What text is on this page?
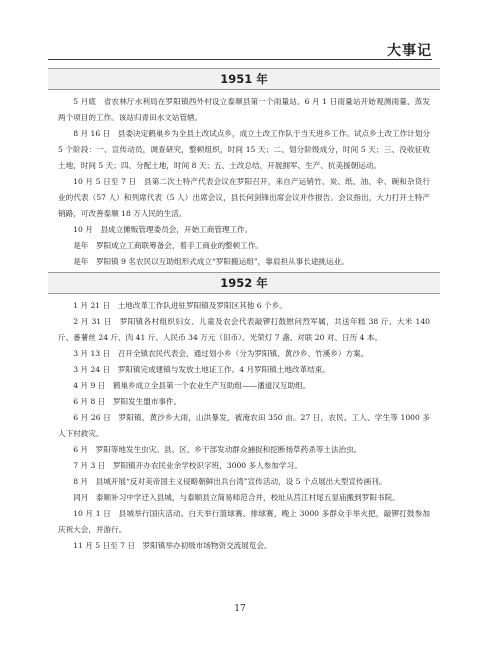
大事记
1951 年

5 月底　省农林厅水利局在罗阳镇西外村设立泰顺县第一个雨量站。6 月 1 日雨量站开始观测雨量、蒸发两个项目的工作。该站归青田水文站管辖。

8 月 16 日　县委决定鹤巢乡为全县土改试点乡，成立土改工作队于当天进乡工作。试点乡土改工作计划分 5 个阶段：一、宣传动员，调查研究，整顿组织，时间 15 天；二、划分阶级成分，时间 5 天；三、没收征收土地，时间 5 天；四、分配土地，时间 8 天；五、土改总结，开展拥军、生产、抗美援朝运动。

10 月 5 日至 7 日　县第二次土特产代表会议在罗阳召开，来自产运销竹、炭、纸、油、伞、碗和杂货行业的代表（57 人）和列席代表（5 人）出席会议，县长何剑锋出席会议并作报告。会议指出，大力打开土特产销路，可改善泰顺 18 万人民的生活。

10 月　县成立摊贩管理委员会，开始工商管理工作。

是年　罗阳成立工商联筹备会，着手工商业的整顿工作。

是年　罗阳镇 9 名农民以互助组形式成立“罗阳搬运组”，靠肩担从事长途挑运业。

1952 年

1 月 21 日　土地改革工作队进驻罗阳镇及罗阳区其他 6 个乡。

2 月 31 日　罗阳镇各村组织妇女、儿童及农会代表敲锣打鼓慰问烈军属，共送年糕 38 斤、大米 140 斤、番薯丝 24 斤、肉 41 斤、人民币 34 万元（旧币）、光荣灯 7 盏、对联 20 对、日历 4 本。

3 月 13 日　召开全镇农民代表会，通过划小乡（分为罗阳镇、黄沙乡、竹溪乡）方案。

3 月 24 日　罗阳镇完成建镇与发放土地证工作。4 月罗阳镇土地改革结束。

4 月 9 日　鹤巢乡成立全县第一个农业生产互助组——潘道汉互助组。

6 月 8 日　罗阳发生盟市事件。

6 月 26 日　罗阳镇、黄沙乡大雨，山洪暴发，被淹农田 350 亩。27 日，农民、工人、学生等 1000 多人下村救灾。

6 月　罗阳等地发生虫灾。县、区、乡干部发动群众捕捉和挖断扬草药杀等土法治虫。

7 月 3 日　罗阳镇开办农民业余学校识字班，3000 多人参加学习。

8 月　县城开展“反对美帝国主义侵略朝鲜出兵台湾”宣传活动，设 5 个点展出大型宣传画刊。

同月　泰顺补习中学迁入县城，与泰顺县立简易师范合并，校址从莒江村尾五显庙搬到罗阳书院。

10 月 1 日　县城举行国庆活动。白天举行篮球赛、排球赛，晚上 3000 多群众手举火把，敲锣打鼓参加庆祝大会，并游行。

11 月 5 日至 7 日　罗阳镇举办初级市场物资交流展览会。

17
